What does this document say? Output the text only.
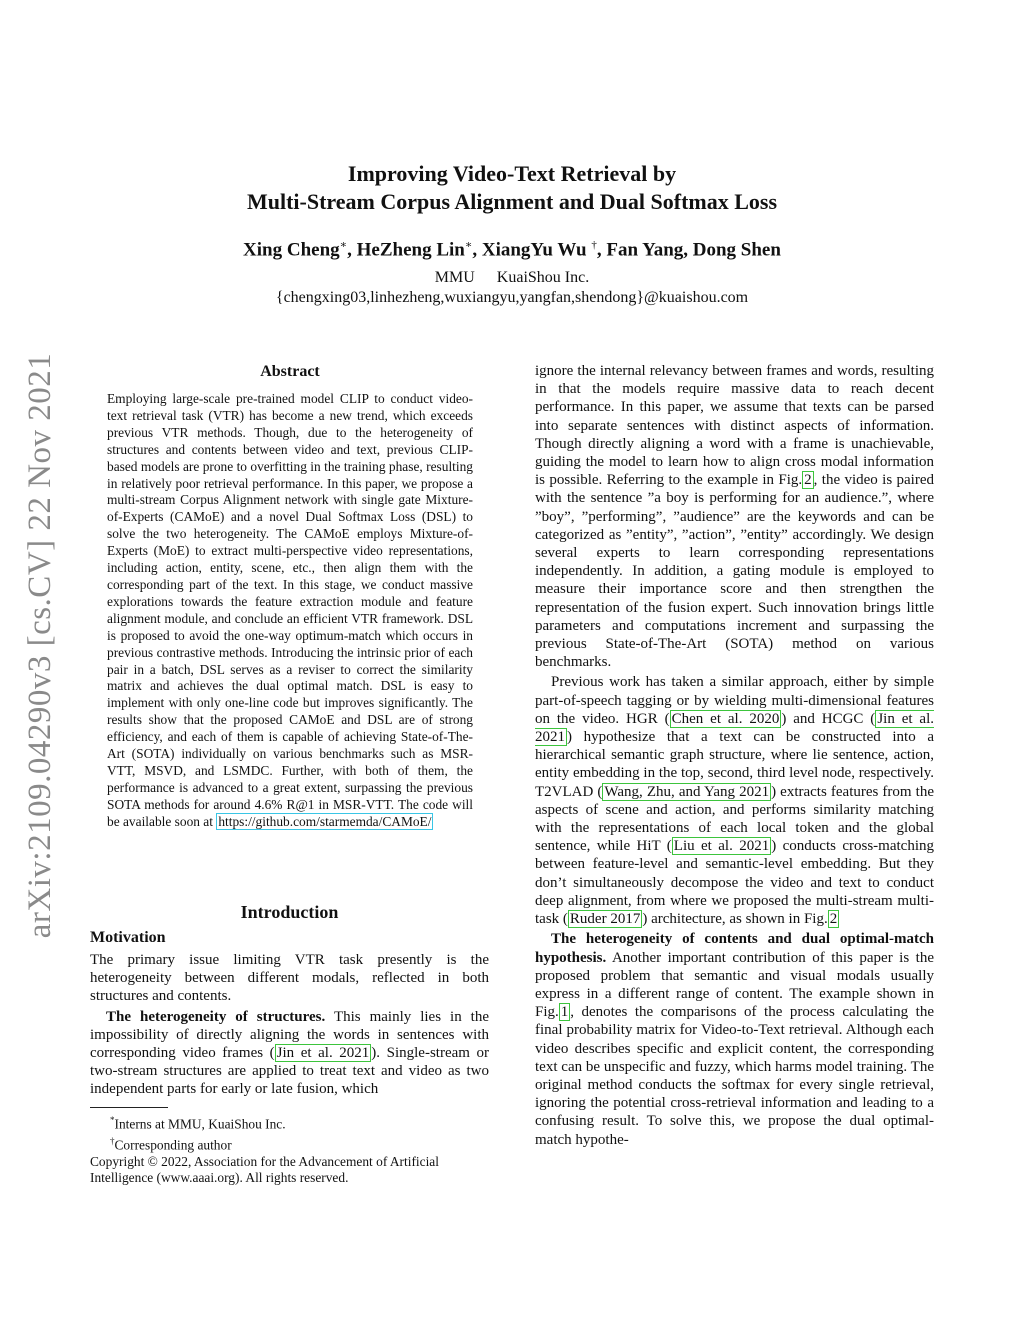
arXiv:2109.04290v3 [cs.CV] 22 Nov 2021
Improving Video-Text Retrieval by
Multi-Stream Corpus Alignment and Dual Softmax Loss
Xing Cheng∗, HeZheng Lin∗, XiangYu Wu †, Fan Yang, Dong Shen
MMU KuaiShou Inc.
{chengxing03,linhezheng,wuxiangyu,yangfan,shendong}@kuaishou.com
Abstract

Employing large-scale pre-trained model CLIP to conduct video-text retrieval task (VTR) has become a new trend, which exceeds previous VTR methods. Though, due to the heterogeneity of structures and contents between video and text, previous CLIP-based models are prone to overfitting in the training phase, resulting in relatively poor retrieval performance. In this paper, we propose a multi-stream Corpus Alignment network with single gate Mixture-of-Experts (CAMoE) and a novel Dual Softmax Loss (DSL) to solve the two heterogeneity. The CAMoE employs Mixture-of-Experts (MoE) to extract multi-perspective video representations, including action, entity, scene, etc., then align them with the corresponding part of the text. In this stage, we conduct massive explorations towards the feature extraction module and feature alignment module, and conclude an efficient VTR framework. DSL is proposed to avoid the one-way optimum-match which occurs in previous contrastive methods. Introducing the intrinsic prior of each pair in a batch, DSL serves as a reviser to correct the similarity matrix and achieves the dual optimal match. DSL is easy to implement with only one-line code but improves significantly. The results show that the proposed CAMoE and DSL are of strong efficiency, and each of them is capable of achieving State-of-The-Art (SOTA) individually on various benchmarks such as MSR-VTT, MSVD, and LSMDC. Further, with both of them, the performance is advanced to a great extent, surpassing the previous SOTA methods for around 4.6% R@1 in MSR-VTT. The code will be available soon at https://github.com/starmemda/CAMoE/

Introduction
Motivation

The primary issue limiting VTR task presently is the heterogeneity between different modals, reflected in both structures and contents.

The heterogeneity of structures. This mainly lies in the impossibility of directly aligning the words in sentences with corresponding video frames ( Jin et al. 2021 ). Single-stream or two-stream structures are applied to treat text and video as two independent parts for early or late fusion, which

*Interns at MMU, KuaiShou Inc.
†Corresponding author
Copyright © 2022, Association for the Advancement of Artificial Intelligence (www.aaai.org). All rights reserved.

ignore the internal relevancy between frames and words, resulting in that the models require massive data to reach decent performance. In this paper, we assume that texts can be parsed into separate sentences with distinct aspects of information. Though directly aligning a word with a frame is unachievable, guiding the model to learn how to align cross modal information is possible. Referring to the example in Fig. 2 , the video is paired with the sentence ”a boy is performing for an audience.”, where ”boy”, ”performing”, ”audience” are the keywords and can be categorized as ”entity”, ”action”, ”entity” accordingly. We design several experts to learn corresponding representations independently. In addition, a gating module is employed to measure their importance score and then strengthen the representation of the fusion expert. Such innovation brings little parameters and computations increment and surpassing the previous State-of-The-Art (SOTA) method on various benchmarks.

Previous work has taken a similar approach, either by simple part-of-speech tagging or by wielding multi-dimensional features on the video. HGR ( Chen et al. 2020 ) and HCGC ( Jin et al. 2021 ) hypothesize that a text can be constructed into a hierarchical semantic graph structure, where lie sentence, action, entity embedding in the top, second, third level node, respectively. T2VLAD ( Wang, Zhu, and Yang 2021 ) extracts features from the aspects of scene and action, and performs similarity matching with the representations of each local token and the global sentence, while HiT ( Liu et al. 2021 ) conducts cross-matching between feature-level and semantic-level embedding. But they don’t simultaneously decompose the video and text to conduct deep alignment, from where we proposed the multi-stream multi-task ( Ruder 2017 ) architecture, as shown in Fig. 2

The heterogeneity of contents and dual optimal-match hypothesis. Another important contribution of this paper is the proposed problem that semantic and visual modals usually express in a different range of content. The example shown in Fig. 1 , denotes the comparisons of the process calculating the final probability matrix for Video-to-Text retrieval. Although each video describes specific and explicit content, the corresponding text can be unspecific and fuzzy, which harms model training. The original method conducts the softmax for every single retrieval, ignoring the potential cross-retrieval information and leading to a confusing result. To solve this, we propose the dual optimal-match hypothe-
